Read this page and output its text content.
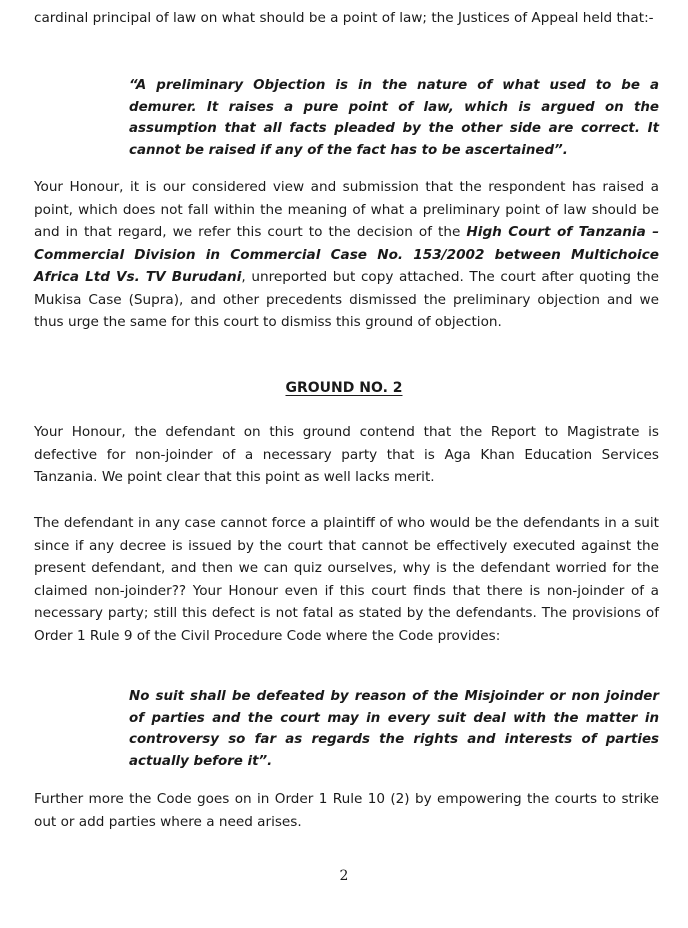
cardinal principal of law on what should be a point of law; the Justices of Appeal held that:-

“A preliminary Objection is in the nature of what used to be a demurer. It raises a pure point of law, which is argued on the assumption that all facts pleaded by the other side are correct. It cannot be raised if any of the fact has to be ascertained”.

Your Honour, it is our considered view and submission that the respondent has raised a point, which does not fall within the meaning of what a preliminary point of law should be and in that regard, we refer this court to the decision of the High Court of Tanzania – Commercial Division in Commercial Case No. 153/2002 between Multichoice Africa Ltd Vs. TV Burudani, unreported but copy attached. The court after quoting the Mukisa Case (Supra), and other precedents dismissed the preliminary objection and we thus urge the same for this court to dismiss this ground of objection.

GROUND NO. 2

Your Honour, the defendant on this ground contend that the Report to Magistrate is defective for non-joinder of a necessary party that is Aga Khan Education Services Tanzania. We point clear that this point as well lacks merit.

The defendant in any case cannot force a plaintiff of who would be the defendants in a suit since if any decree is issued by the court that cannot be effectively executed against the present defendant, and then we can quiz ourselves, why is the defendant worried for the claimed non-joinder?? Your Honour even if this court finds that there is non-joinder of a necessary party; still this defect is not fatal as stated by the defendants. The provisions of Order 1 Rule 9 of the Civil Procedure Code where the Code provides:

No suit shall be defeated by reason of the Misjoinder or non joinder of parties and the court may in every suit deal with the matter in controversy so far as regards the rights and interests of parties actually before it”.

Further more the Code goes on in Order 1 Rule 10 (2) by empowering the courts to strike out or add parties where a need arises.

2
